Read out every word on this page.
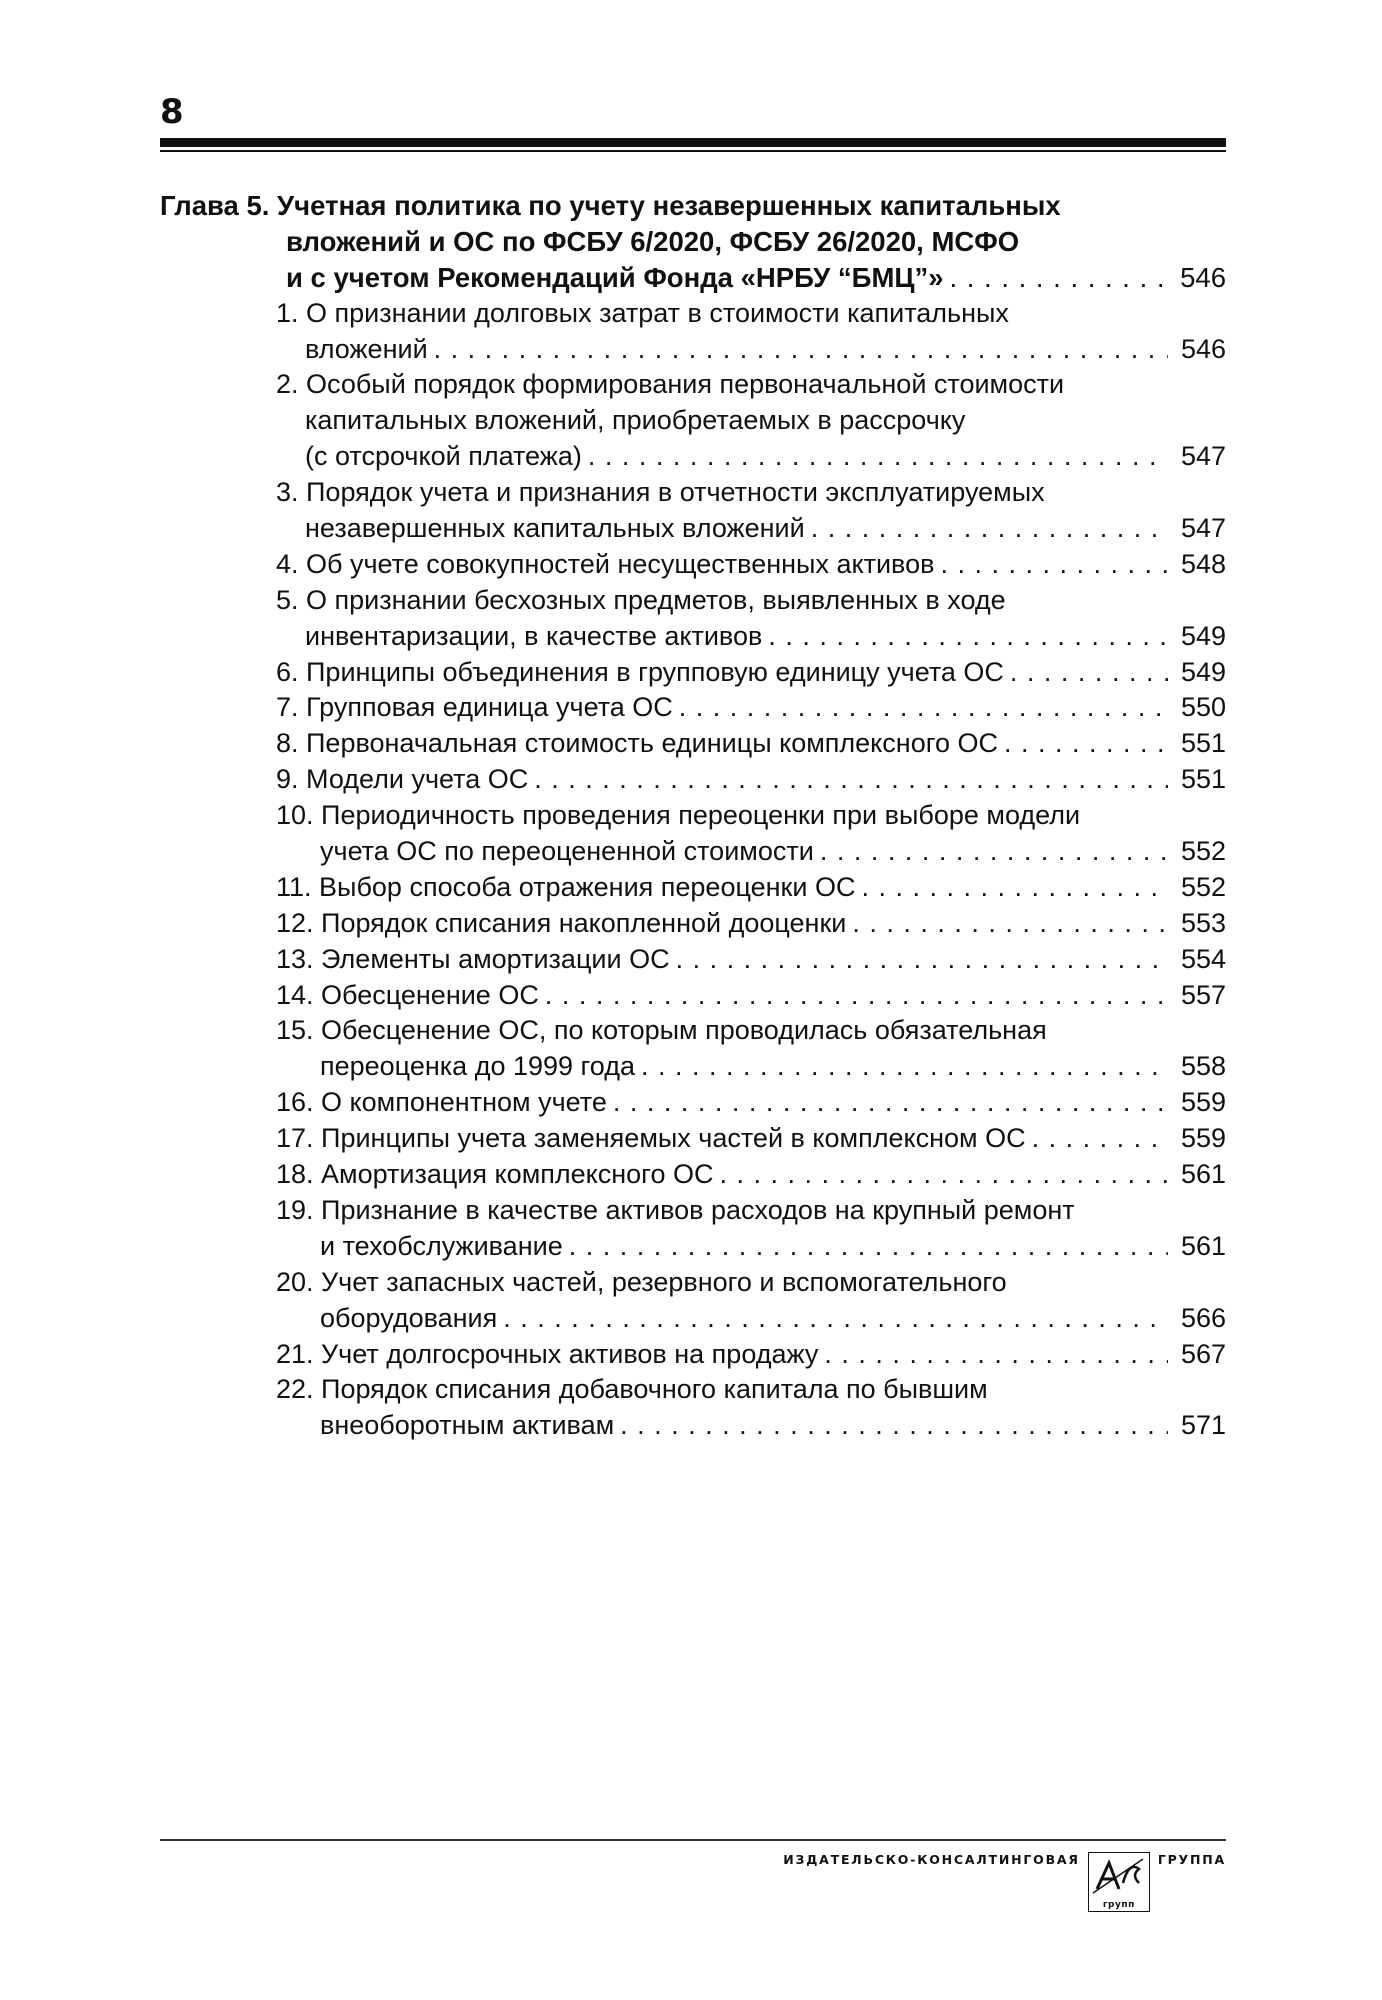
8
Глава 5. Учетная политика по учету незавершенных капитальных
вложений и ОС по ФСБУ 6/2020, ФСБУ 26/2020, МСФО
и с учетом Рекомендаций Фонда «НРБУ “БМЦ”» . . .	546
1. О признании долговых затрат в стоимости капитальных
вложений . . .	546
2. Особый порядок формирования первоначальной стоимости
капитальных вложений, приобретаемых в рассрочку
(с отсрочкой платежа) . . .	547
3. Порядок учета и признания в отчетности эксплуатируемых
незавершенных капитальных вложений . . .	547
4. Об учете совокупностей несущественных активов . . .	548
5. О признании бесхозных предметов, выявленных в ходе
инвентаризации, в качестве активов . . .	549
6. Принципы объединения в групповую единицу учета ОС . . .	549
7. Групповая единица учета ОС . . .	550
8. Первоначальная стоимость единицы комплексного ОС . . .	551
9. Модели учета ОС . . .	551
10. Периодичность проведения переоценки при выборе модели
учета ОС по переоцененной стоимости . . .	552
11. Выбор способа отражения переоценки ОС . . .	552
12. Порядок списания накопленной дооценки . . .	553
13. Элементы амортизации ОС . . .	554
14. Обесценение ОС . . .	557
15. Обесценение ОС, по которым проводилась обязательная
переоценка до 1999 года . . .	558
16. О компонентном учете . . .	559
17. Принципы учета заменяемых частей в комплексном ОС . . .	559
18. Амортизация комплексного ОС . . .	561
19. Признание в качестве активов расходов на крупный ремонт
и техобслуживание . . .	561
20. Учет запасных частей, резервного и вспомогательного
оборудования . . .	566
21. Учет долгосрочных активов на продажу . . .	567
22. Порядок списания добавочного капитала по бывшим
внеоборотным активам . . .	571
ИЗДАТЕЛЬСКО-КОНСАЛТИНГОВАЯ
групп
ГРУППА
